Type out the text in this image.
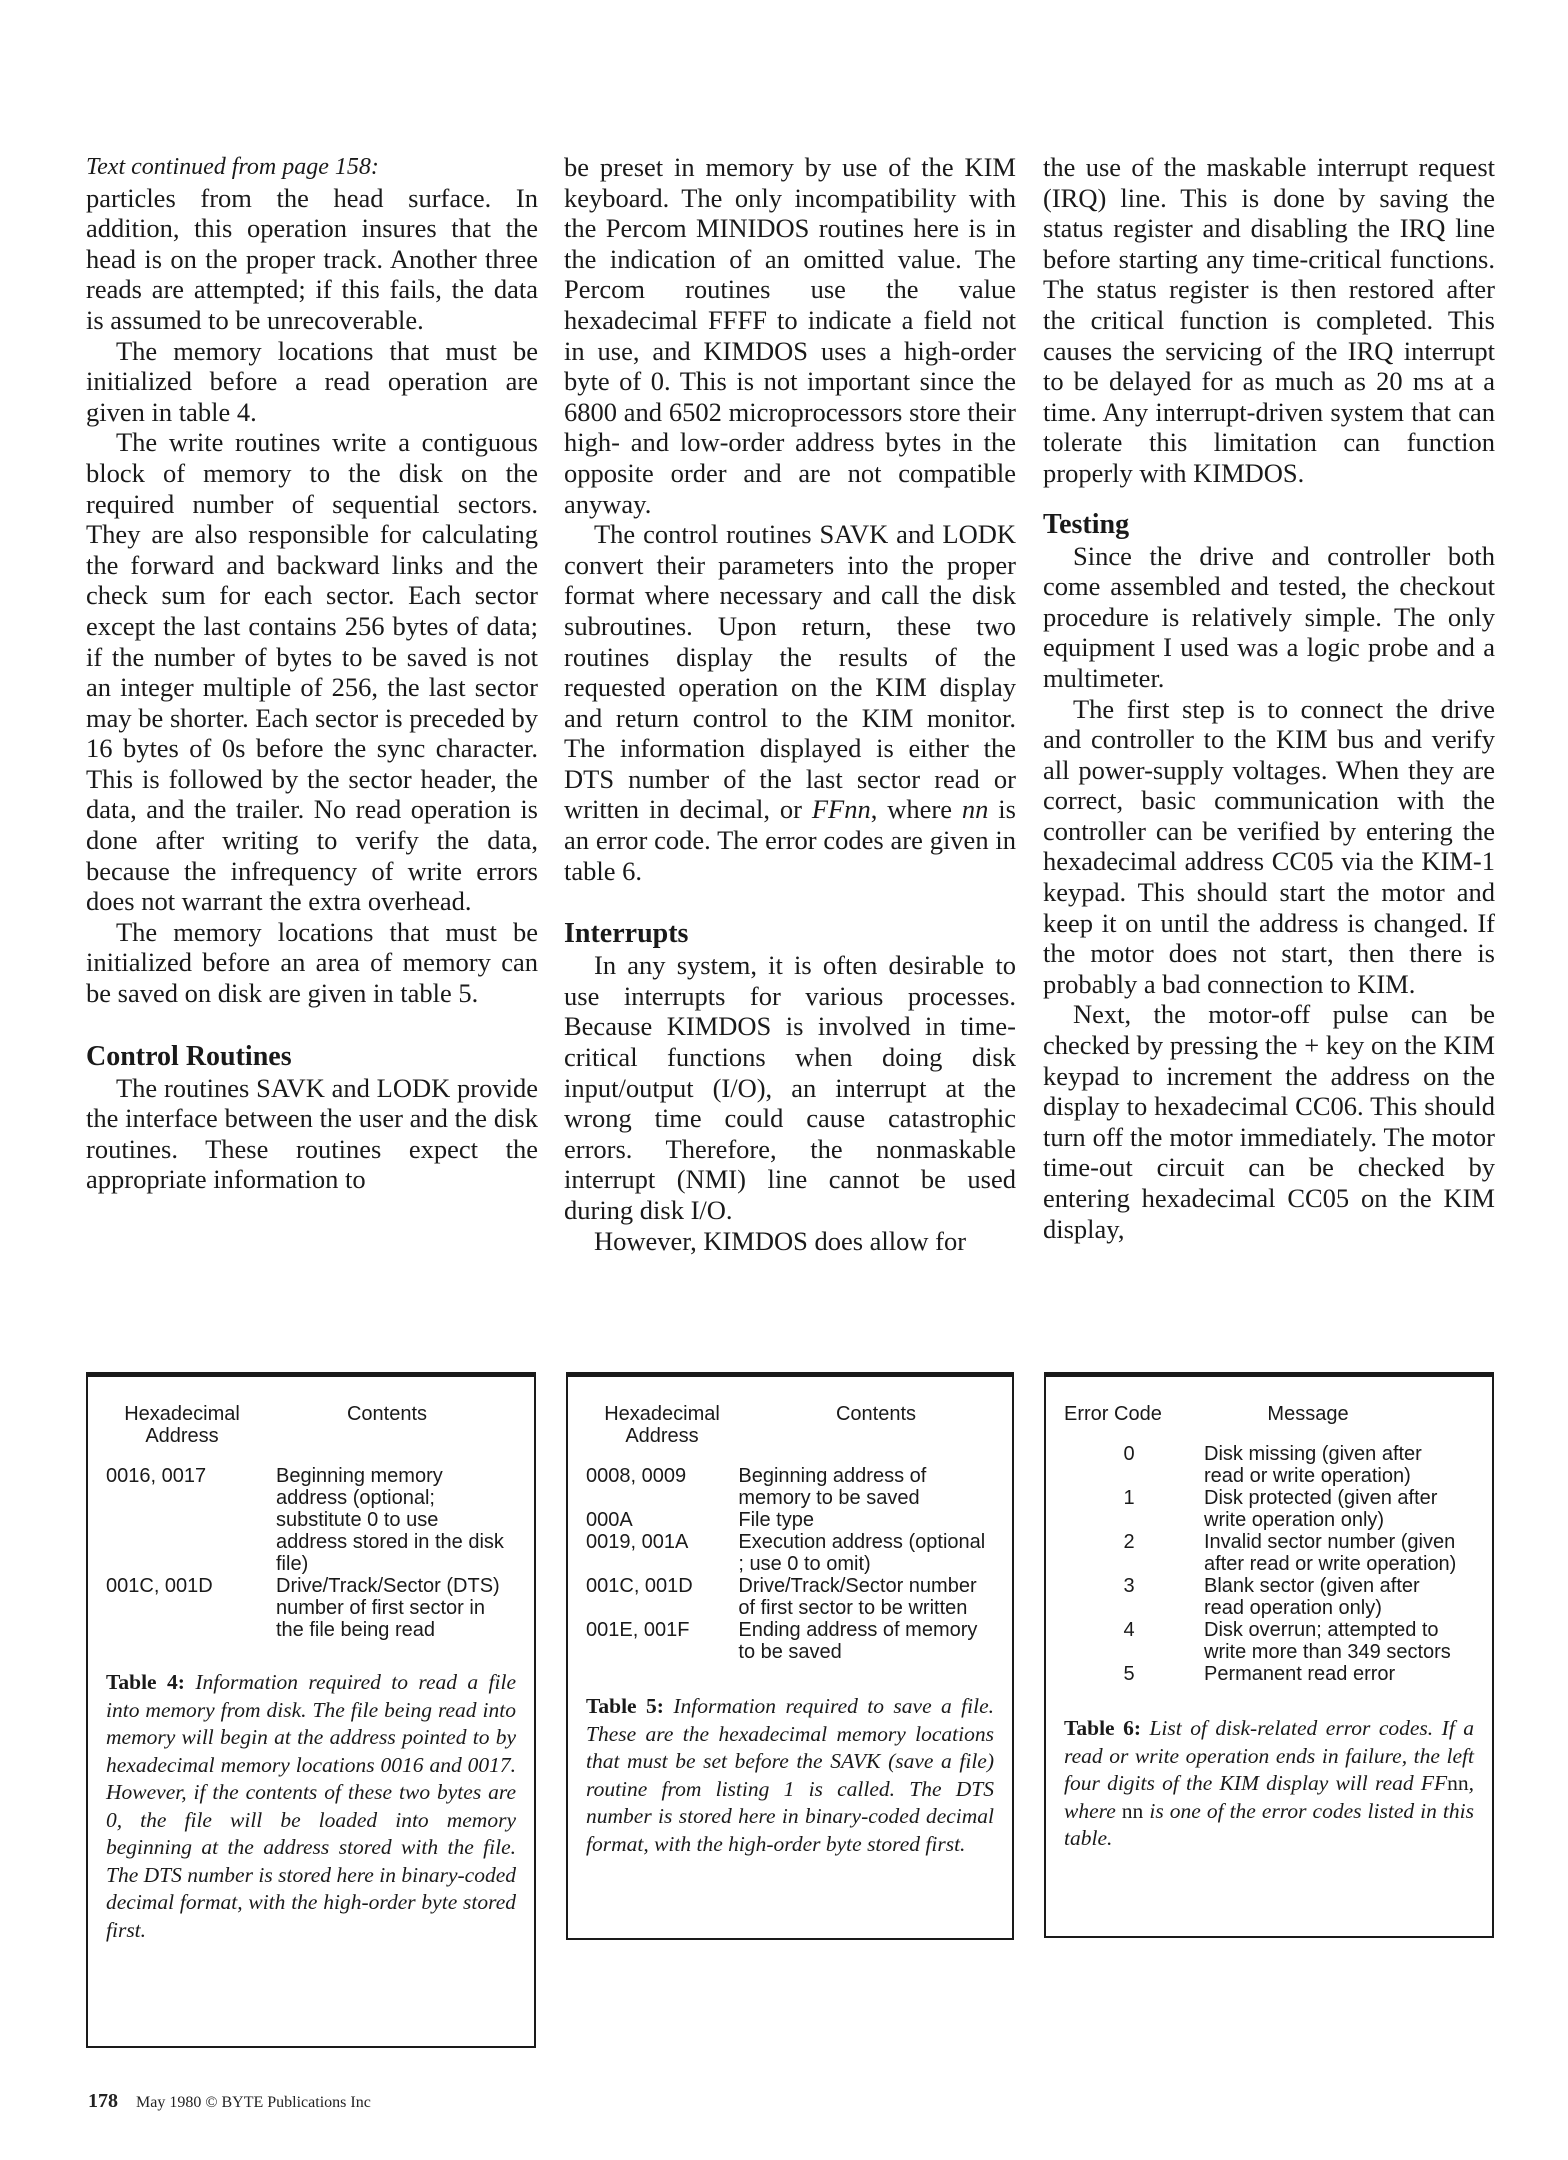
Text continued from page 158:

particles from the head surface. In addition, this operation insures that the head is on the proper track. Another three reads are attempted; if this fails, the data is assumed to be unrecoverable.

The memory locations that must be initialized before a read operation are given in table 4.

The write routines write a contiguous block of memory to the disk on the required number of sequential sectors. They are also responsible for calculating the forward and backward links and the check sum for each sector. Each sector except the last contains 256 bytes of data; if the number of bytes to be saved is not an integer multiple of 256, the last sector may be shorter. Each sector is preceded by 16 bytes of 0s before the sync character. This is followed by the sector header, the data, and the trailer. No read operation is done after writing to verify the data, because the infrequency of write errors does not warrant the extra overhead.

The memory locations that must be initialized before an area of memory can be saved on disk are given in table 5.

Control Routines

The routines SAVK and LODK provide the interface between the user and the disk routines. These routines expect the appropriate information to

be preset in memory by use of the KIM keyboard. The only incompatibility with the Percom MINIDOS routines here is in the indication of an omitted value. The Percom routines use the value hexadecimal FFFF to indicate a field not in use, and KIMDOS uses a high-order byte of 0. This is not important since the 6800 and 6502 microprocessors store their high- and low-order address bytes in the opposite order and are not compatible anyway.

The control routines SAVK and LODK convert their parameters into the proper format where necessary and call the disk subroutines. Upon return, these two routines display the results of the requested operation on the KIM display and return control to the KIM monitor. The information displayed is either the DTS number of the last sector read or written in decimal, or FFnn, where nn is an error code. The error codes are given in table 6.

Interrupts

In any system, it is often desirable to use interrupts for various processes. Because KIMDOS is involved in time-critical functions when doing disk input/output (I/O), an interrupt at the wrong time could cause catastrophic errors. Therefore, the nonmaskable interrupt (NMI) line cannot be used during disk I/O.

However, KIMDOS does allow for

the use of the maskable interrupt request (IRQ) line. This is done by saving the status register and disabling the IRQ line before starting any time-critical functions. The status register is then restored after the critical function is completed. This causes the servicing of the IRQ interrupt to be delayed for as much as 20 ms at a time. Any interrupt-driven system that can tolerate this limitation can function properly with KIMDOS.

Testing

Since the drive and controller both come assembled and tested, the checkout procedure is relatively simple. The only equipment I used was a logic probe and a multimeter.

The first step is to connect the drive and controller to the KIM bus and verify all power-supply voltages. When they are correct, basic communication with the controller can be verified by entering the hexadecimal address CC05 via the KIM-1 keypad. This should start the motor and keep it on until the address is changed. If the motor does not start, then there is probably a bad connection to KIM.

Next, the motor-off pulse can be checked by pressing the + key on the KIM keypad to increment the address on the display to hexadecimal CC06. This should turn off the motor immediately. The motor time-out circuit can be checked by entering hexadecimal CC05 on the KIM display,

Hexadecimal Address
Contents
0016, 0017	Beginning memory address (optional; substitute 0 to use address stored in the disk file)
001C, 001D	Drive/Track/Sector (DTS) number of first sector in the file being read
Table 4: Information required to read a file into memory from disk. The file being read into memory will begin at the address pointed to by hexadecimal memory locations 0016 and 0017. However, if the contents of these two bytes are 0, the file will be loaded into memory beginning at the address stored with the file. The DTS number is stored here in binary-coded decimal format, with the high-order byte stored first.
Hexadecimal Address
Contents
0008, 0009	Beginning address of memory to be saved
000A	File type
0019, 001A	Execution address (optional ; use 0 to omit)
001C, 001D	Drive/Track/Sector number of first sector to be written
001E, 001F	Ending address of memory to be saved
Table 5: Information required to save a file. These are the hexadecimal memory locations that must be set before the SAVK (save a file) routine from listing 1 is called. The DTS number is stored here in binary-coded decimal format, with the high-order byte stored first.
Error Code	Message
0	Disk missing (given after read or write operation)
1	Disk protected (given after write operation only)
2	Invalid sector number (given after read or write operation)
3	Blank sector (given after read operation only)
4	Disk overrun; attempted to write more than 349 sectors
5	Permanent read error
Table 6: List of disk-related error codes. If a read or write operation ends in failure, the left four digits of the KIM display will read FFnn, where nn is one of the error codes listed in this table.
178 May 1980 © BYTE Publications Inc
